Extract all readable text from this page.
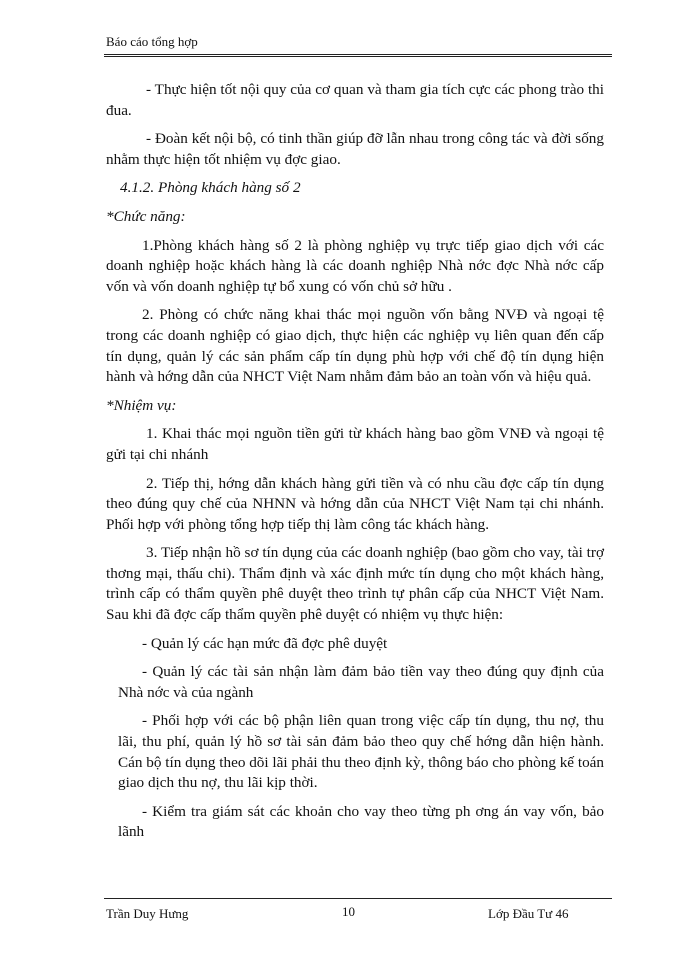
Báo cáo tổng hợp

- Thực hiện tốt nội quy của cơ quan và tham gia tích cực các phong trào thi đua.

- Đoàn kết nội bộ, có tinh thần giúp đỡ lẫn nhau trong công tác và đời sống nhằm thực hiện tốt nhiệm vụ đợc giao.

4.1.2. Phòng khách hàng số 2

*Chức năng:

1.Phòng khách hàng số 2 là phòng nghiệp vụ trực tiếp giao dịch với các doanh nghiệp hoặc khách hàng là các doanh nghiệp Nhà nớc đợc Nhà nớc cấp vốn và vốn doanh nghiệp tự bổ xung có vốn chủ sở hữu .

2. Phòng có chức năng khai thác mọi nguồn vốn bằng NVĐ và ngoại tệ trong các doanh nghiệp có giao dịch, thực hiện các nghiệp vụ liên quan đến cấp tín dụng, quản lý các sản phẩm cấp tín dụng phù hợp với chế độ tín dụng hiện hành và hớng dẫn của NHCT Việt Nam nhằm đảm bảo an toàn vốn và hiệu quả.

*Nhiệm vụ:

1. Khai thác mọi nguồn tiền gửi từ khách hàng bao gồm VNĐ và ngoại tệ gửi tại chi nhánh

2. Tiếp thị, hớng dẫn khách hàng gửi tiền và có nhu cầu đợc cấp tín dụng theo đúng quy chế của NHNN và hớng dẫn của NHCT Việt Nam tại chi nhánh. Phối hợp với phòng tổng hợp tiếp thị làm công tác khách hàng.

3. Tiếp nhận hồ sơ tín dụng của các doanh nghiệp (bao gồm cho vay, tài trợ thơng mại, thấu chi). Thẩm định và xác định mức tín dụng cho một khách hàng, trình cấp có thẩm quyền phê duyệt theo trình tự phân cấp của NHCT Việt Nam. Sau khi đã đợc cấp thẩm quyền phê duyệt có nhiệm vụ thực hiện:

- Quản lý các hạn mức đã đợc phê duyệt

- Quản lý các tài sản nhận làm đảm bảo tiền vay theo đúng quy định của Nhà nớc và của ngành

- Phối hợp với các bộ phận liên quan trong việc cấp tín dụng, thu nợ, thu lãi, thu phí, quản lý hồ sơ tài sản đảm bảo theo quy chế hớng dẫn hiện hành. Cán bộ tín dụng theo dõi lãi phải thu theo định kỳ, thông báo cho phòng kế toán giao dịch thu nợ, thu lãi kịp thời.

- Kiểm tra giám sát các khoản cho vay theo từng ph ơng án vay vốn, bảo lãnh

Trần Duy Hưng	10	Lớp Đầu Tư 46
